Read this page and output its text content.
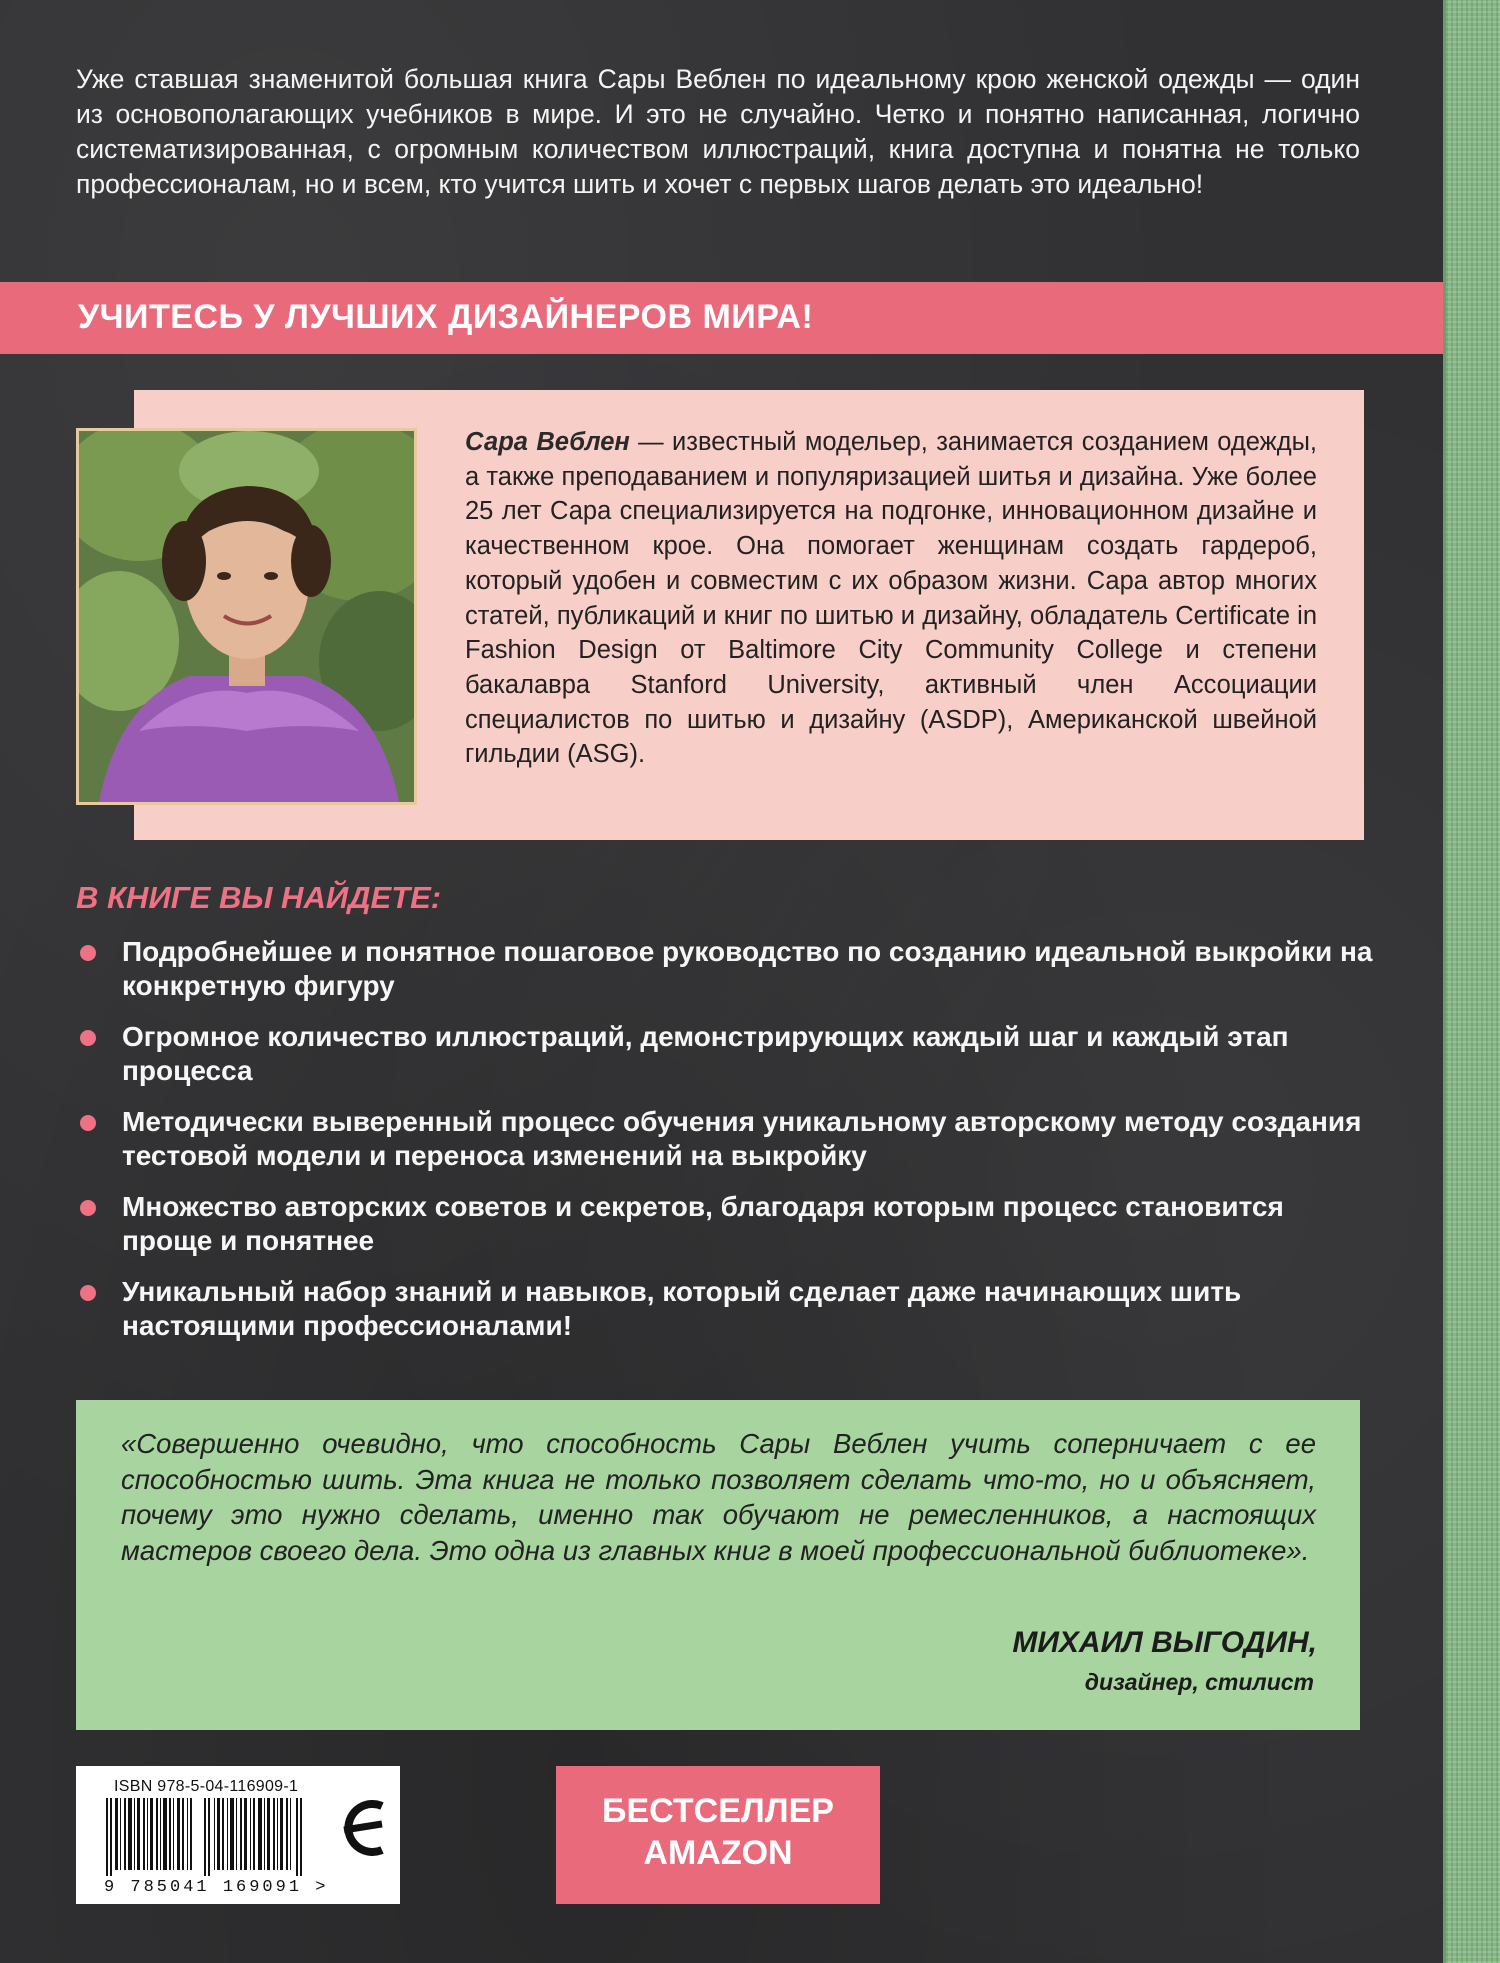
Уже ставшая знаменитой большая книга Сары Веблен по идеальному крою женской одежды — один из основополагающих учебников в мире. И это не случайно. Четко и понятно написанная, логично систематизированная, с огромным количеством иллюстраций, книга доступна и понятна не только профессионалам, но и всем, кто учится шить и хочет с первых шагов делать это идеально!

УЧИТЕСЬ У ЛУЧШИХ ДИЗАЙНЕРОВ МИРА!

Сара Веблен — известный модельер, занимается созданием одежды, а также преподаванием и популяризацией шитья и дизайна. Уже более 25 лет Сара специализируется на подгонке, инновационном дизайне и качественном крое. Она помогает женщинам создать гардероб, который удобен и совместим с их образом жизни. Сара автор многих статей, публикаций и книг по шитью и дизайну, обладатель Certificate in Fashion Design от Baltimore City Community College и степени бакалавра Stanford University, активный член Ассоциации специалистов по шитью и дизайну (ASDP), Американской швейной гильдии (ASG).

В КНИГЕ ВЫ НАЙДЕТЕ:
Подробнейшее и понятное пошаговое руководство по созданию идеальной выкройки на конкретную фигуру
Огромное количество иллюстраций, демонстрирующих каждый шаг и каждый этап процесса
Методически выверенный процесс обучения уникальному авторскому методу создания тестовой модели и переноса изменений на выкройку
Множество авторских советов и секретов, благодаря которым процесс становится проще и понятнее
Уникальный набор знаний и навыков, который сделает даже начинающих шить настоящими профессионалами!

«Совершенно очевидно, что способность Сары Веблен учить соперничает с ее способностью шить. Эта книга не только позволяет сделать что-то, но и объясняет, почему это нужно сделать, именно так обучают не ремесленников, а настоящих мастеров своего дела. Это одна из главных книг в моей профессиональной библиотеке».

МИХАИЛ ВЫГОДИН,
дизайнер, стилист
ISBN 978-5-04-116909-1
9 785041 169091 >
БЕСТСЕЛЛЕР
AMAZON
